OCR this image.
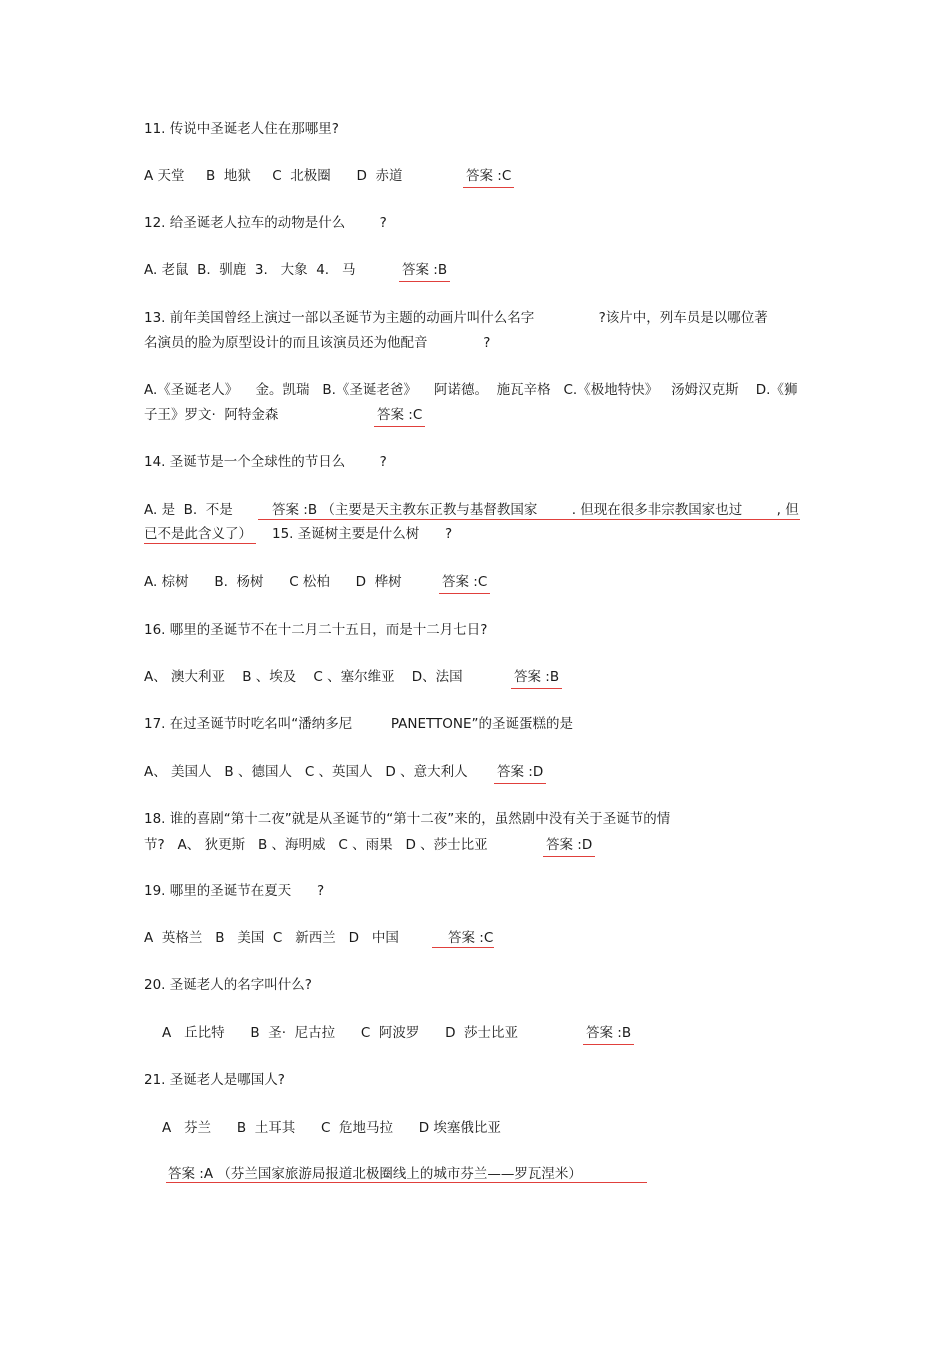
11. 传说中圣诞老人住在那哪里?
A 天堂     B  地狱     C  北极圈      D  赤道	答案 :C
12. 给圣诞老人拉车的动物是什么        ?
A. 老鼠  B.  驯鹿  3.   大象  4.   马	答案 :B
13. 前年美国曾经上演过一部以圣诞节为主题的动画片叫什么名字               ?该片中，列车员是以哪位著
名演员的脸为原型设计的而且该演员还为他配音             ?
A.《圣诞老人》    金。凯瑞   B.《圣诞老爸》    阿诺德。  施瓦辛格   C.《极地特快》   汤姆汉克斯    D.《狮
子王》罗文·  阿特金森	答案 :C
14. 圣诞节是一个全球性的节日么        ?
A. 是  B.  不是	答案 :B （主要是天主教东正教与基督教国家        . 但现在很多非宗教国家也过        , 但
已不是此含义了） 15. 圣诞树主要是什么树      ?
A. 棕树      B.  杨树      C 松柏      D  桦树	答案 :C
16. 哪里的圣诞节不在十二月二十五日，而是十二月七日?
A、 澳大利亚    B 、埃及    C 、塞尔维亚    D、法国	答案 :B
17. 在过圣诞节时吃名叫“潘纳多尼         PANETTONE”的圣诞蛋糕的是
A、 美国人   B 、德国人   C 、英国人   D 、意大利人 答案 :D
18. 谁的喜剧“第十二夜”就是从圣诞节的“第十二夜”来的，虽然剧中没有关于圣诞节的情
节?   A、 狄更斯   B 、海明威   C 、雨果   D 、莎士比亚	答案 :D
19. 哪里的圣诞节在夏天      ?
A  英格兰   B   美国  C   新西兰   D   中国	答案 :C
20. 圣诞老人的名字叫什么?
A   丘比特      B  圣·  尼古拉      C  阿波罗      D  莎士比亚	答案 :B
21. 圣诞老人是哪国人?
A   芬兰      B  土耳其      C  危地马拉      D 埃塞俄比亚
答案 :A （芬兰国家旅游局报道北极圈线上的城市芬兰——罗瓦涅米）
